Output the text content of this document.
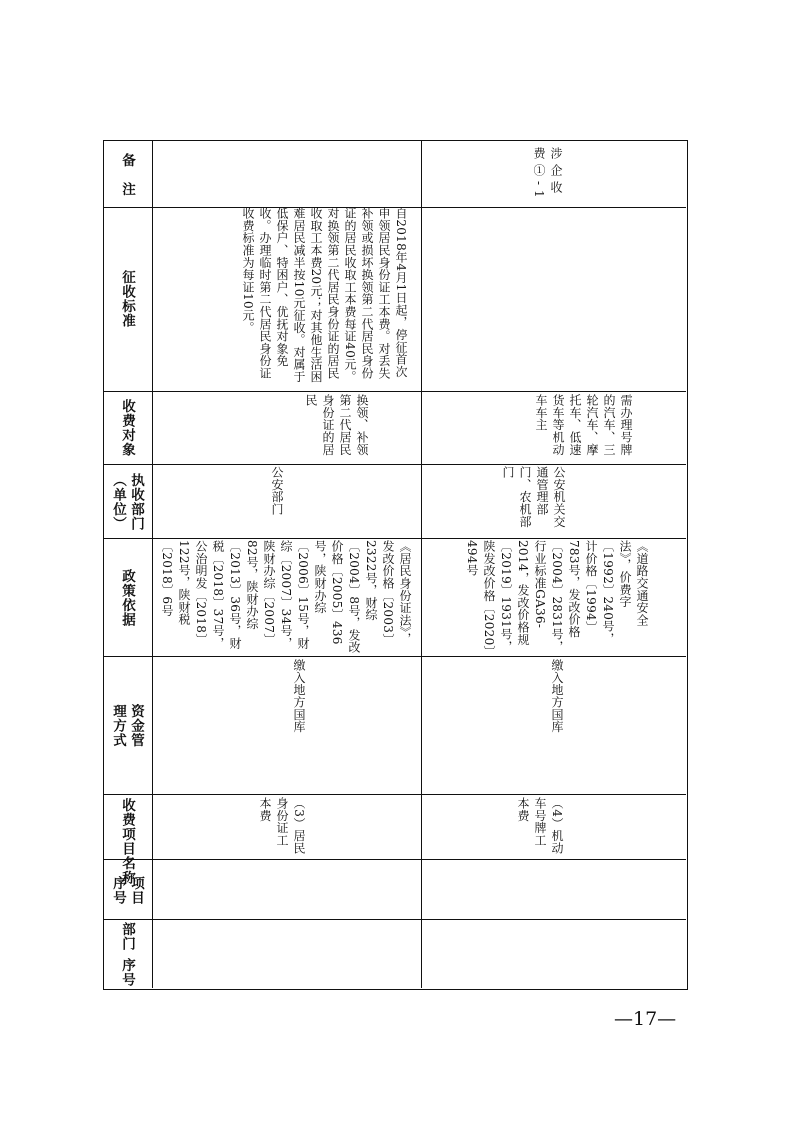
备　注
征收标准
收费对象
执收部门
（单位）
政策依据
资金管
理方式
收费项目名称
项目
序号
部门
序号
自2018年4月1日起，停征首次申领居民身份证工本费。对丢失补领或损坏换领第二代居民身份证的居民收取工本费每证40元。对换领第二代居民身份证的居民收取工本费20元；对其他生活困难居民减半按10元征收。对属于低保户、特困户、优抚对象免收。办理临时第二代居民身份证收费标准为每证10元。
换领、补领第二代居民身份证的居民
公安部门
《居民身份证法》，发改价格〔2003〕2322号，财综〔2004〕8号，发改价格〔2005〕436号，陕财办综〔2006〕15号，财综〔2007〕34号，陕财办综〔2007〕82号，陕财办综〔2013〕36号，财税〔2018〕37号，公治明发〔2018〕122号，陕财税〔2018〕6号
缴入地方国库
（3）居民身份证工本费
涉企收费①-1
需办理号牌的汽车、三轮汽车、摩托车、低速货车等机动车车主
公安机关交通管理部门、农机部门
《道路交通安全法》，价费字〔1992〕240号，计价格〔1994〕783号，发改价格〔2004〕2831号，行业标准GA36-2014，发改价格规〔2019〕1931号，陕发改价格〔2020〕494号
缴入地方国库
（4）机动车号牌工本费
—17—
